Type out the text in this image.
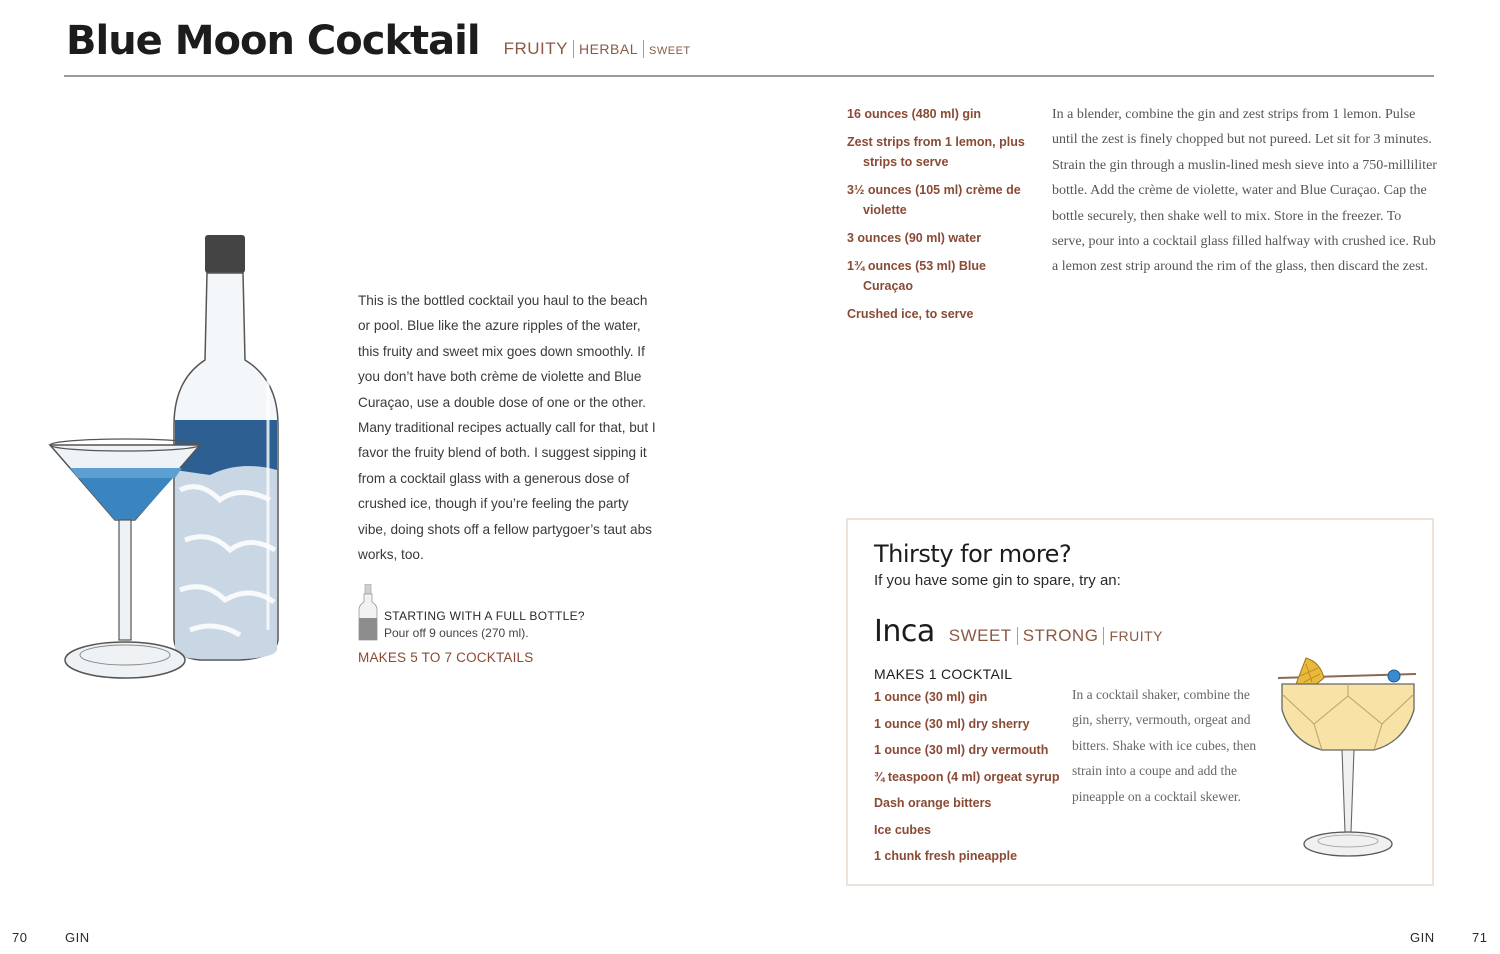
Blue Moon Cocktail FRUITY HERBAL SWEET

This is the bottled cocktail you haul to the beach or pool. Blue like the azure ripples of the water, this fruity and sweet mix goes down smoothly. If you don’t have both crème de violette and Blue Curaçao, use a double dose of one or the other. Many traditional recipes actually call for that, but I favor the fruity blend of both. I suggest sipping it from a cocktail glass with a generous dose of crushed ice, though if you’re feeling the party vibe, doing shots off a fellow partygoer’s taut abs works, too.

STARTING WITH A FULL BOTTLE?
Pour off 9 ounces (270 ml).
MAKES 5 TO 7 COCKTAILS
16 ounces (480 ml) gin
Zest strips from 1 lemon, plus strips to serve
3½ ounces (105 ml) crème de violette
3 ounces (90 ml) water
1¾ ounces (53 ml) Blue Curaçao
Crushed ice, to serve

In a blender, combine the gin and zest strips from 1 lemon. Pulse until the zest is finely chopped but not pureed. Let sit for 3 minutes. Strain the gin through a muslin-lined mesh sieve into a 750-milliliter bottle. Add the crème de violette, water and Blue Curaçao. Cap the bottle securely, then shake well to mix. Store in the freezer. To serve, pour into a cocktail glass filled halfway with crushed ice. Rub a lemon zest strip around the rim of the glass, then discard the zest.

Thirsty for more?
If you have some gin to spare, try an:
Inca SWEET STRONG FRUITY
MAKES 1 COCKTAIL
1 ounce (30 ml) gin
1 ounce (30 ml) dry sherry
1 ounce (30 ml) dry vermouth
¾ teaspoon (4 ml) orgeat syrup
Dash orange bitters
Ice cubes
1 chunk fresh pineapple

In a cocktail shaker, combine the gin, sherry, vermouth, orgeat and bitters. Shake with ice cubes, then strain into a coupe and add the pineapple on a cocktail skewer.

70	GIN	GIN	71
